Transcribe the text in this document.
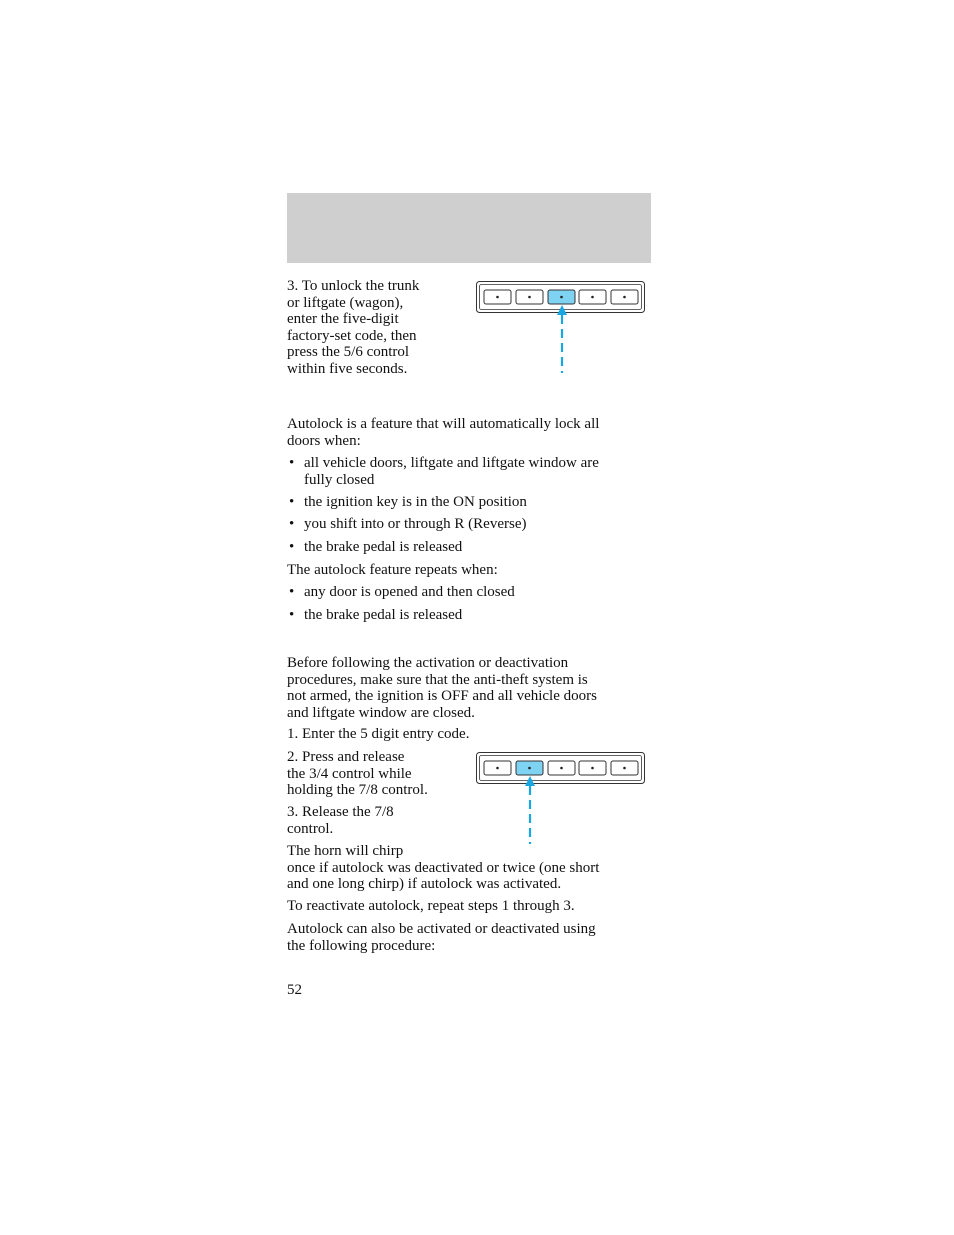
3. To unlock the trunk
or liftgate (wagon),
enter the five-digit
factory-set code, then
press the 5/6 control
within five seconds.
Autolock is a feature that will automatically lock all
doors when:
• all vehicle doors, liftgate and liftgate window are
fully closed
• the ignition key is in the ON position
• you shift into or through R (Reverse)
• the brake pedal is released
The autolock feature repeats when:
• any door is opened and then closed
• the brake pedal is released
Before following the activation or deactivation
procedures, make sure that the anti-theft system is
not armed, the ignition is OFF and all vehicle doors
and liftgate window are closed.
1. Enter the 5 digit entry code.
2. Press and release
the 3/4 control while
holding the 7/8 control.
3. Release the 7/8
control.
The horn will chirp
once if autolock was deactivated or twice (one short
and one long chirp) if autolock was activated.
To reactivate autolock, repeat steps 1 through 3.
Autolock can also be activated or deactivated using
the following procedure:
52
